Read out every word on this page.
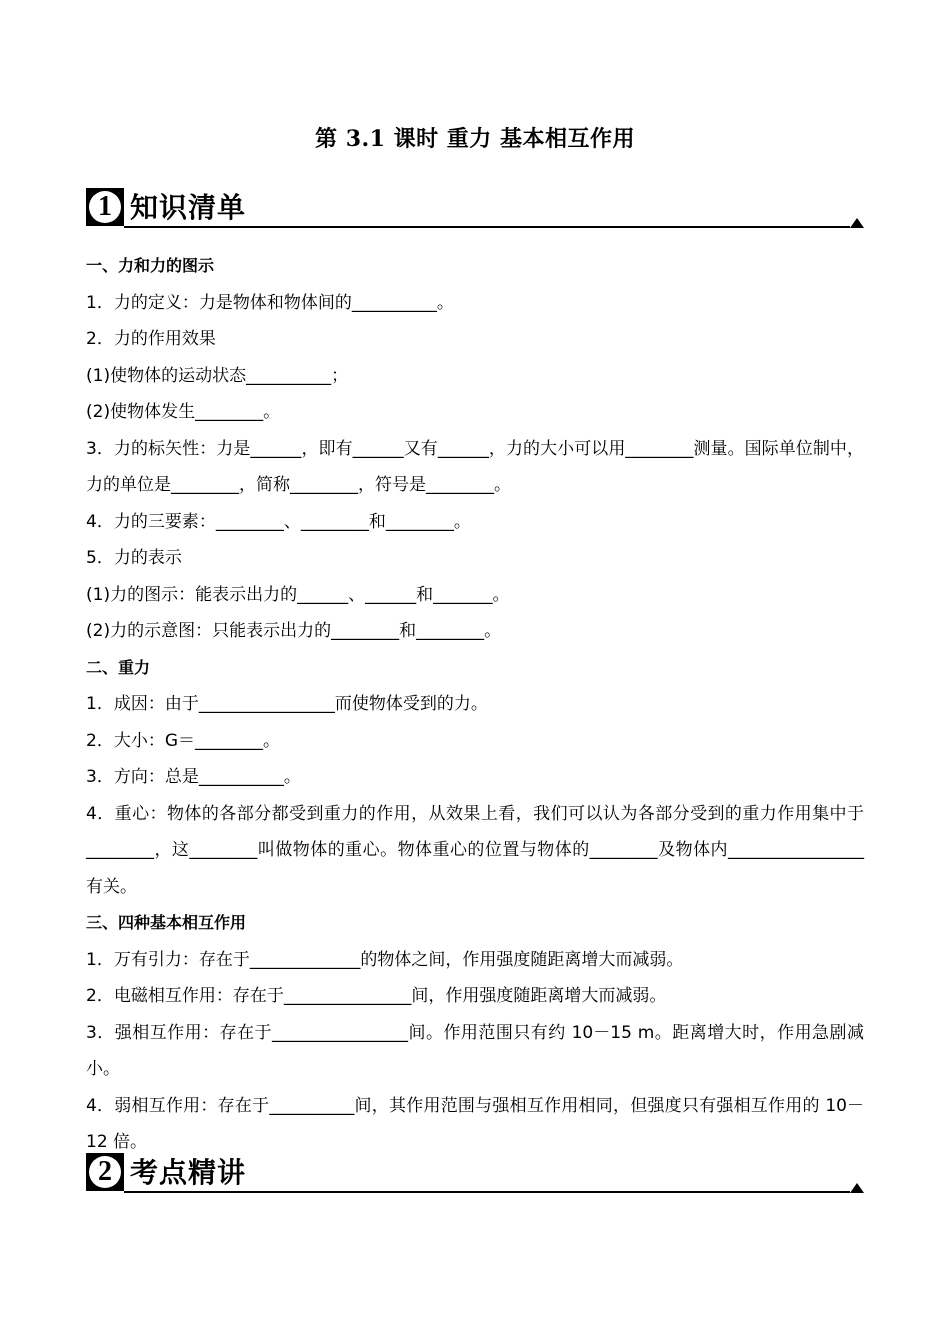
第 3.1 课时 重力 基本相互作用
1 知识清单

一、力和力的图示

1．力的定义：力是物体和物体间的__________。

2．力的作用效果

(1)使物体的运动状态__________；

(2)使物体发生________。

3．力的标矢性：力是______，即有______又有______，力的大小可以用________测量。国际单位制中，力的单位是________，简称________，符号是________。

4．力的三要素：________、________和________。

5．力的表示

(1)力的图示：能表示出力的______、______和_______。

(2)力的示意图：只能表示出力的________和________。

二、重力

1．成因：由于________________而使物体受到的力。

2．大小：G＝________。

3．方向：总是__________。

4．重心：物体的各部分都受到重力的作用，从效果上看，我们可以认为各部分受到的重力作用集中于________，这________叫做物体的重心。物体重心的位置与物体的________及物体内________________有关。

三、四种基本相互作用

1．万有引力：存在于_____________的物体之间，作用强度随距离增大而减弱。

2．电磁相互作用：存在于_______________间，作用强度随距离增大而减弱。

3．强相互作用：存在于________________间。作用范围只有约 10－15 m。距离增大时，作用急剧减小。

4．弱相互作用：存在于__________间，其作用范围与强相互作用相同，但强度只有强相互作用的 10－12 倍。

2 考点精讲
